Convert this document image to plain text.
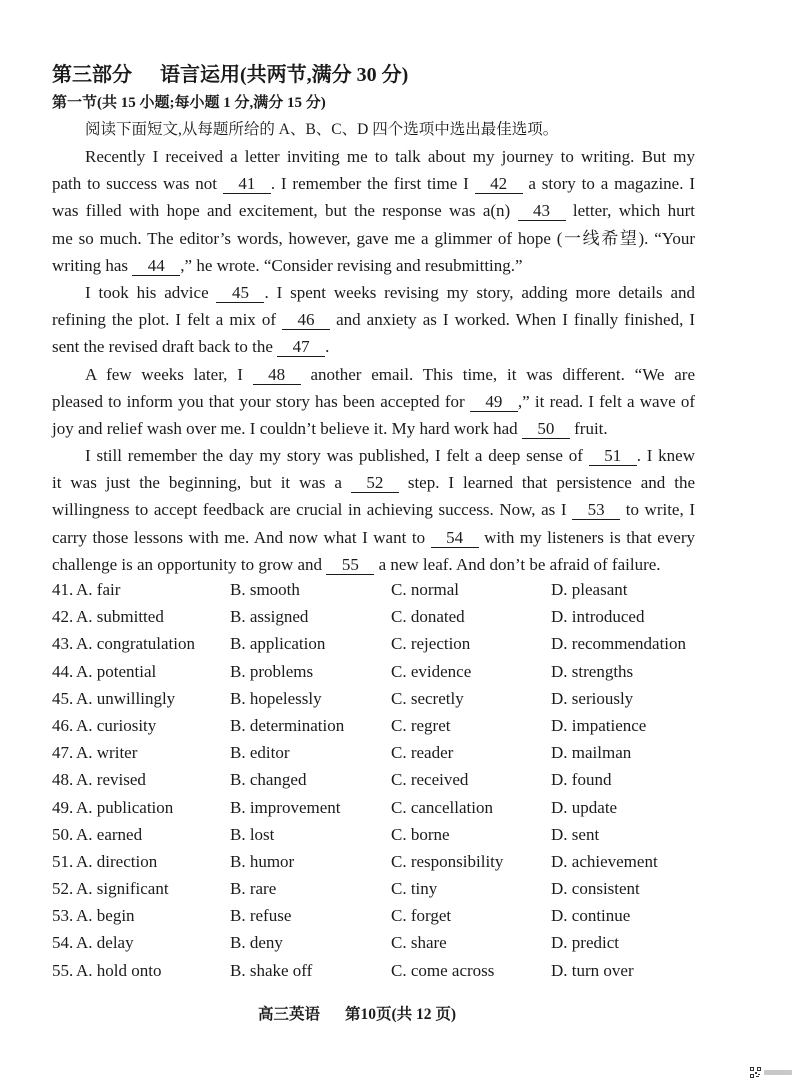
第三部分 语言运用(共两节,满分 30 分)
第一节(共 15 小题;每小题 1 分,满分 15 分)
阅读下面短文,从每题所给的 A、B、C、D 四个选项中选出最佳选项。
Recently I received a letter inviting me to talk about my journey to writing. But my
path to success was not 41 . I remember the first time I 42 a story to a magazine. I
was filled with hope and excitement, but the response was a(n) 43 letter, which hurt
me so much. The editor’s words, however, gave me a glimmer of hope (一线希望). “Your
writing has 44 ,” he wrote. “Consider revising and resubmitting.”
I took his advice 45 . I spent weeks revising my story, adding more details and
refining the plot. I felt a mix of 46 and anxiety as I worked. When I finally finished, I
sent the revised draft back to the 47 .
A few weeks later, I 48 another email. This time, it was different. “We are
pleased to inform you that your story has been accepted for 49 ,” it read. I felt a wave of
joy and relief wash over me. I couldn’t believe it. My hard work had 50 fruit.
I still remember the day my story was published, I felt a deep sense of 51 . I knew
it was just the beginning, but it was a 52 step. I learned that persistence and the
willingness to accept feedback are crucial in achieving success. Now, as I 53 to write, I
carry those lessons with me. And now what I want to 54 with my listeners is that every
challenge is an opportunity to grow and 55 a new leaf. And don’t be afraid of failure.
41. A. fair	B. smooth	C. normal	D. pleasant
42. A. submitted	B. assigned	C. donated	D. introduced
43. A. congratulation B. application	C. rejection	D. recommendation
44. A. potential	B. problems	C. evidence	D. strengths
45. A. unwillingly	B. hopelessly	C. secretly	D. seriously
46. A. curiosity	B. determination	C. regret	D. impatience
47. A. writer	B. editor	C. reader	D. mailman
48. A. revised	B. changed	C. received	D. found
49. A. publication	B. improvement	C. cancellation	D. update
50. A. earned	B. lost	C. borne	D. sent
51. A. direction	B. humor	C. responsibility	D. achievement
52. A. significant	B. rare	C. tiny	D. consistent
53. A. begin	B. refuse	C. forget	D. continue
54. A. delay	B. deny	C. share	D. predict
55. A. hold onto	B. shake off	C. come across	D. turn over
高三英语 第10页(共 12 页)
